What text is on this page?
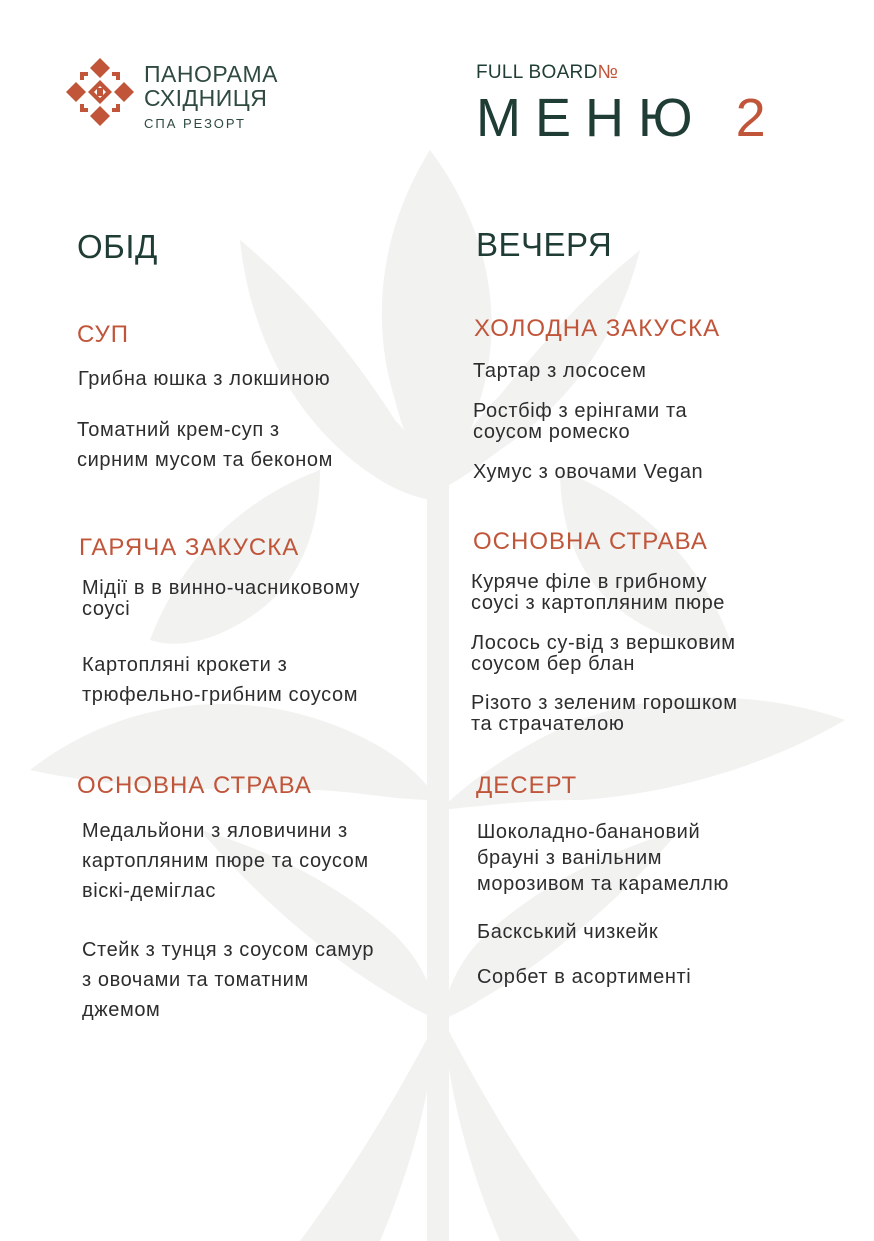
ПАНОРАМА
СХІДНИЦЯ
СПА РЕЗОРТ
FULL BOARD№
МЕНЮ 2
ОБІД
СУП
Грибна юшка з локшиною
Томатний крем-суп з
сирним мусом та беконом
ГАРЯЧА ЗАКУСКА
Мідії в в винно-часниковому
соусі
Картопляні крокети з
трюфельно-грибним соусом
ОСНОВНА СТРАВА
Медальйони з яловичини з
картопляним пюре та соусом
віскі-деміглас
Стейк з тунця з соусом самур
з овочами та томатним
джемом
ВЕЧЕРЯ
ХОЛОДНА ЗАКУСКА
Тартар з лососем
Ростбіф з ерінгами та
соусом ромеско
Хумус з овочами Vegan
ОСНОВНА СТРАВА
Куряче філе в грибному
соусі з картопляним пюре
Лосось су-від з вершковим
соусом бер блан
Різото з зеленим горошком
та страчателою
ДЕСЕРТ
Шоколадно-банановий
брауні з ванільним
морозивом та карамеллю
Баскський чизкейк
Сорбет в асортименті
